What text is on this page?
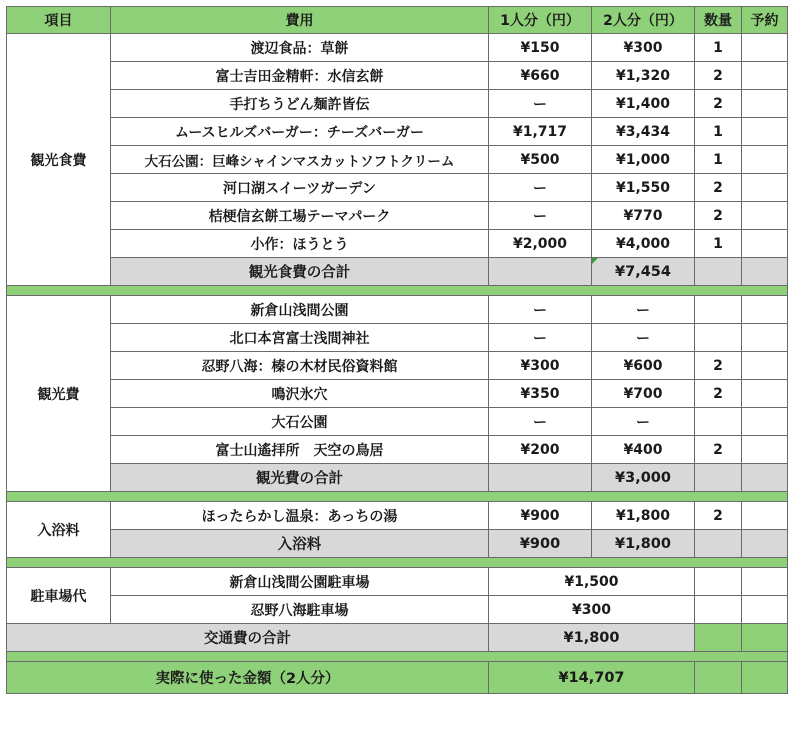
項目	費用	1人分（円）	2人分（円）	数量	予約
観光食費	渡辺食品：草餅	¥150	¥300	1	
	富士吉田金精軒：水信玄餅	¥660	¥1,320	2	
	手打ちうどん麺許皆伝	ー	¥1,400	2	
	ムースヒルズバーガー：チーズバーガー	¥1,717	¥3,434	1	
	大石公園：巨峰シャインマスカットソフトクリーム	¥500	¥1,000	1	
	河口湖スイーツガーデン	ー	¥1,550	2	
	桔梗信玄餅工場テーマパーク	ー	¥770	2	
	小作：ほうとう	¥2,000	¥4,000	1	
	観光食費の合計		¥7,454		

観光費	新倉山浅間公園	ー	ー		
	北口本宮富士浅間神社	ー	ー		
	忍野八海：榛の木材民俗資料館	¥300	¥600	2	
	鳴沢氷穴	¥350	¥700	2	
	大石公園	ー	ー		
	富士山遙拝所　天空の鳥居	¥200	¥400	2	
	観光費の合計		¥3,000		

入浴料	ほったらかし温泉：あっちの湯	¥900	¥1,800	2	
	入浴料	¥900	¥1,800		

駐車場代	新倉山浅間公園駐車場	¥1,500			
	忍野八海駐車場	¥300			
交通費の合計		¥1,800			

実際に使った金額（2人分）		¥14,707			
